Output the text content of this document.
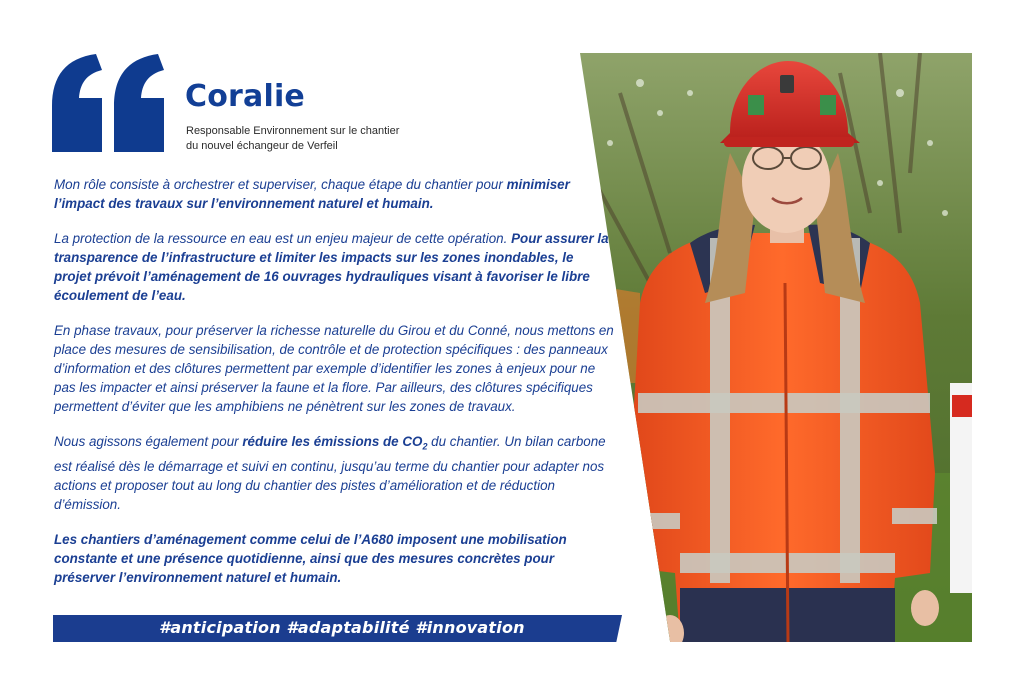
Coralie
Responsable Environnement sur le chantier
du nouvel échangeur de Verfeil

Mon rôle consiste à orchestrer et superviser, chaque étape du chantier pour minimiser l’impact des travaux sur l’environnement naturel et humain.

La protection de la ressource en eau est un enjeu majeur de cette opération. Pour assurer la transparence de l’infrastructure et limiter les impacts sur les zones inondables, le projet prévoit l’aménagement de 16 ouvrages hydrauliques visant à favoriser le libre écoulement de l’eau.

En phase travaux, pour préserver la richesse naturelle du Girou et du Conné, nous mettons en place des mesures de sensibilisation, de contrôle et de protection spécifiques : des panneaux d’information et des clôtures permettent par exemple d’identifier les zones à enjeux pour ne pas les impacter et ainsi préserver la faune et la flore. Par ailleurs, des clôtures spécifiques permettent d’éviter que les amphibiens ne pénètrent sur les zones de travaux.

Nous agissons également pour réduire les émissions de $CO_2$ du chantier. Un bilan carbone est réalisé dès le démarrage et suivi en continu, jusqu’au terme du chantier pour adapter nos actions et proposer tout au long du chantier des pistes d’amélioration et de réduction d’émission.

Les chantiers d’aménagement comme celui de l’A680 imposent une mobilisation constante et une présence quotidienne, ainsi que des mesures concrètes pour préserver l’environnement naturel et humain.

#anticipation #adaptabilité #innovation
